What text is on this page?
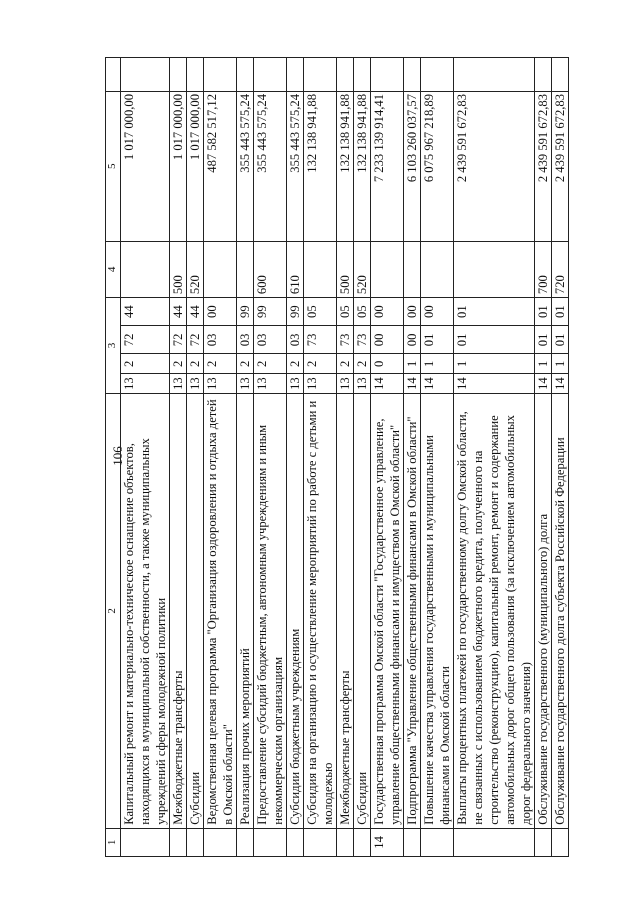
106
1	2	3				4	5	
	Капитальный ремонт и материально-техническое оснащение объектов, находящихся в муниципальной собственности, а также муниципальных учреждений сферы молодежной политики	13	2	72	44		1 017 000,00	
	Межбюджетные трансферты	13	2	72	44	500	1 017 000,00	
	Субсидии	13	2	72	44	520	1 017 000,00	
	Ведомственная целевая программа "Организация оздоровления и отдыха детей в Омской области"	13	2	03	00		487 582 517,12	
	Реализация прочих мероприятий	13	2	03	99		355 443 575,24	
	Предоставление субсидий бюджетным, автономным учреждениям и иным некоммерческим организациям	13	2	03	99	600	355 443 575,24	
	Субсидии бюджетным учреждениям	13	2	03	99	610	355 443 575,24	
	Субсидия на организацию и осуществление мероприятий по работе с детьми и молодежью	13	2	73	05		132 138 941,88	
	Межбюджетные трансферты	13	2	73	05	500	132 138 941,88	
	Субсидии	13	2	73	05	520	132 138 941,88	
14	Государственная программа Омской области "Государственное управление, управление общественными финансами и имуществом в Омской области"	14	0	00	00		7 233 139 914,41	
	Подпрограмма "Управление общественными финансами в Омской области"	14	1	00	00		6 103 260 037,57	
	Повышение качества управления государственными и муниципальными финансами в Омской области	14	1	01	00		6 075 967 218,89	
	Выплаты процентных платежей по государственному долгу Омской области, не связанных с использованием бюджетного кредита, полученного на строительство (реконструкцию), капитальный ремонт, ремонт и содержание автомобильных дорог общего пользования (за исключением автомобильных дорог федерального значения)	14	1	01	01		2 439 591 672,83	
	Обслуживание государственного (муниципального) долга	14	1	01	01	700	2 439 591 672,83	
	Обслуживание государственного долга субъекта Российской Федерации	14	1	01	01	720	2 439 591 672,83	
